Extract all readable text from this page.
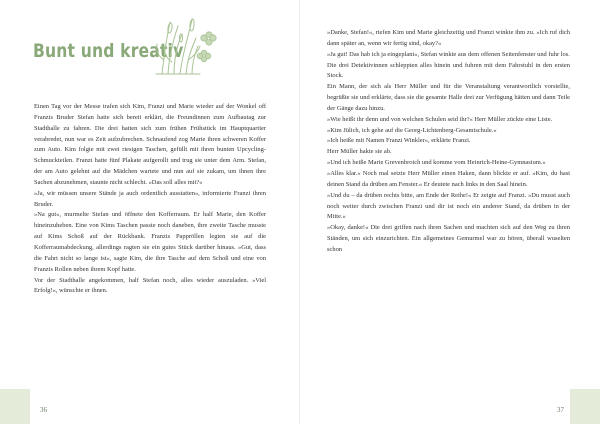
Bunt und kreativ

Einen Tag vor der Messe trafen sich Kim, Franzi und Marie wieder auf der Wonkel off Franzis Bruder Stefan hatte sich bereit erklärt, die Freundinnen zum Aufbautag zur Stadthalle zu fahren. Die drei hatten sich zum frühen Frühstück im Hauptquartier verabredet, nun war es Zeit aufzubrechen. Schnaufend zog Marie ihren schweren Koffer zum Auto. Kim folgte mit zwei riesigen Taschen, gefüllt mit ihren bunten Upcycling-Schmuckteilen. Franzi hatte fünf Plakate aufgerollt und trug sie unter dem Arm. Stefan, der am Auto gelehnt auf die Mädchen wartete und nun auf sie zukam, um ihnen ihre Sachen abzunehmen, staunte nicht schlecht. »Das soll alles mit?«

»Ja, wir müssen unsere Stände ja auch ordentlich ausstatten«, informierte Franzi ihren Bruder.

»Na gut«, murmelte Stefan und öffnete den Kofferraum. Er half Marie, den Koffer hineinzuheben. Eine von Kims Taschen passte noch daneben, ihre zweite Tasche musste auf Kims Schoß auf der Rückbank. Franzis Pappröllen legten sie auf die Kofferraumabdeckung, allerdings ragten sie ein gutes Stück darüber hinaus. »Gut, dass die Fahrt nicht so lange ist«, sagte Kim, die ihre Tasche auf dem Schoß und eine von Franzis Rollen neben ihrem Kopf hatte.

Vor der Stadthalle angekommen, half Stefan noch, alles wieder auszuladen. »Viel Erfolg!«, wünschte er ihnen.

36

»Danke, Stefan!«, riefen Kim und Marie gleichzeitig und Franzi winkte ihm zu. »Ich ruf dich dann später an, wenn wir fertig sind, okay?«

»Ja gut! Das hab ich ja eingeplant«, Stefan winkte aus dem offenen Seitenfenster und fuhr los.

Die drei Detektivinnen schleppten alles hinein und fuhren mit dem Fahrstuhl in den ersten Stock.

Ein Mann, der sich als Herr Müller und für die Veranstaltung verantwortlich vorstellte, begrüßte sie und erklärte, dass sie die gesamte Halle drei zur Verfügung hätten und dann Teile der Gänge dazu hinzu.

»Wie heißt ihr denn und von welchen Schulen seid ihr?« Herr Müller zückte eine Liste.

»Kim Jülich, ich gehe auf die Georg-Lichtenberg-Gesamtschule.«

»Ich heiße mit Namen Franzi Winkler«, erklärte Franzi.

Herr Müller hakte sie ab.

»Und ich heiße Marie Grevenbroich und komme vom Heinrich-Heine-Gymnasium.«

»Alles klar.« Noch mal setzte Herr Müller einen Haken, dann blickte er auf. »Kim, du hast deinen Stand da drüben am Fenster.« Er deutete nach links in den Saal hinein.

»Und du – da drüben rechts bitte, am Ende der Reihe!« Er zeigte auf Franzi. »Du musst auch noch weiter durch zwischen Franzi und dir ist noch ein anderer Stand, da drüben in der Mitte.«

»Okay, danke!« Die drei griffen nach ihren Sachen und machten sich auf den Weg zu ihren Ständen, um sich einzurichten. Ein allgemeines Gemurmel war zu hören, überall wuselten schon

37
